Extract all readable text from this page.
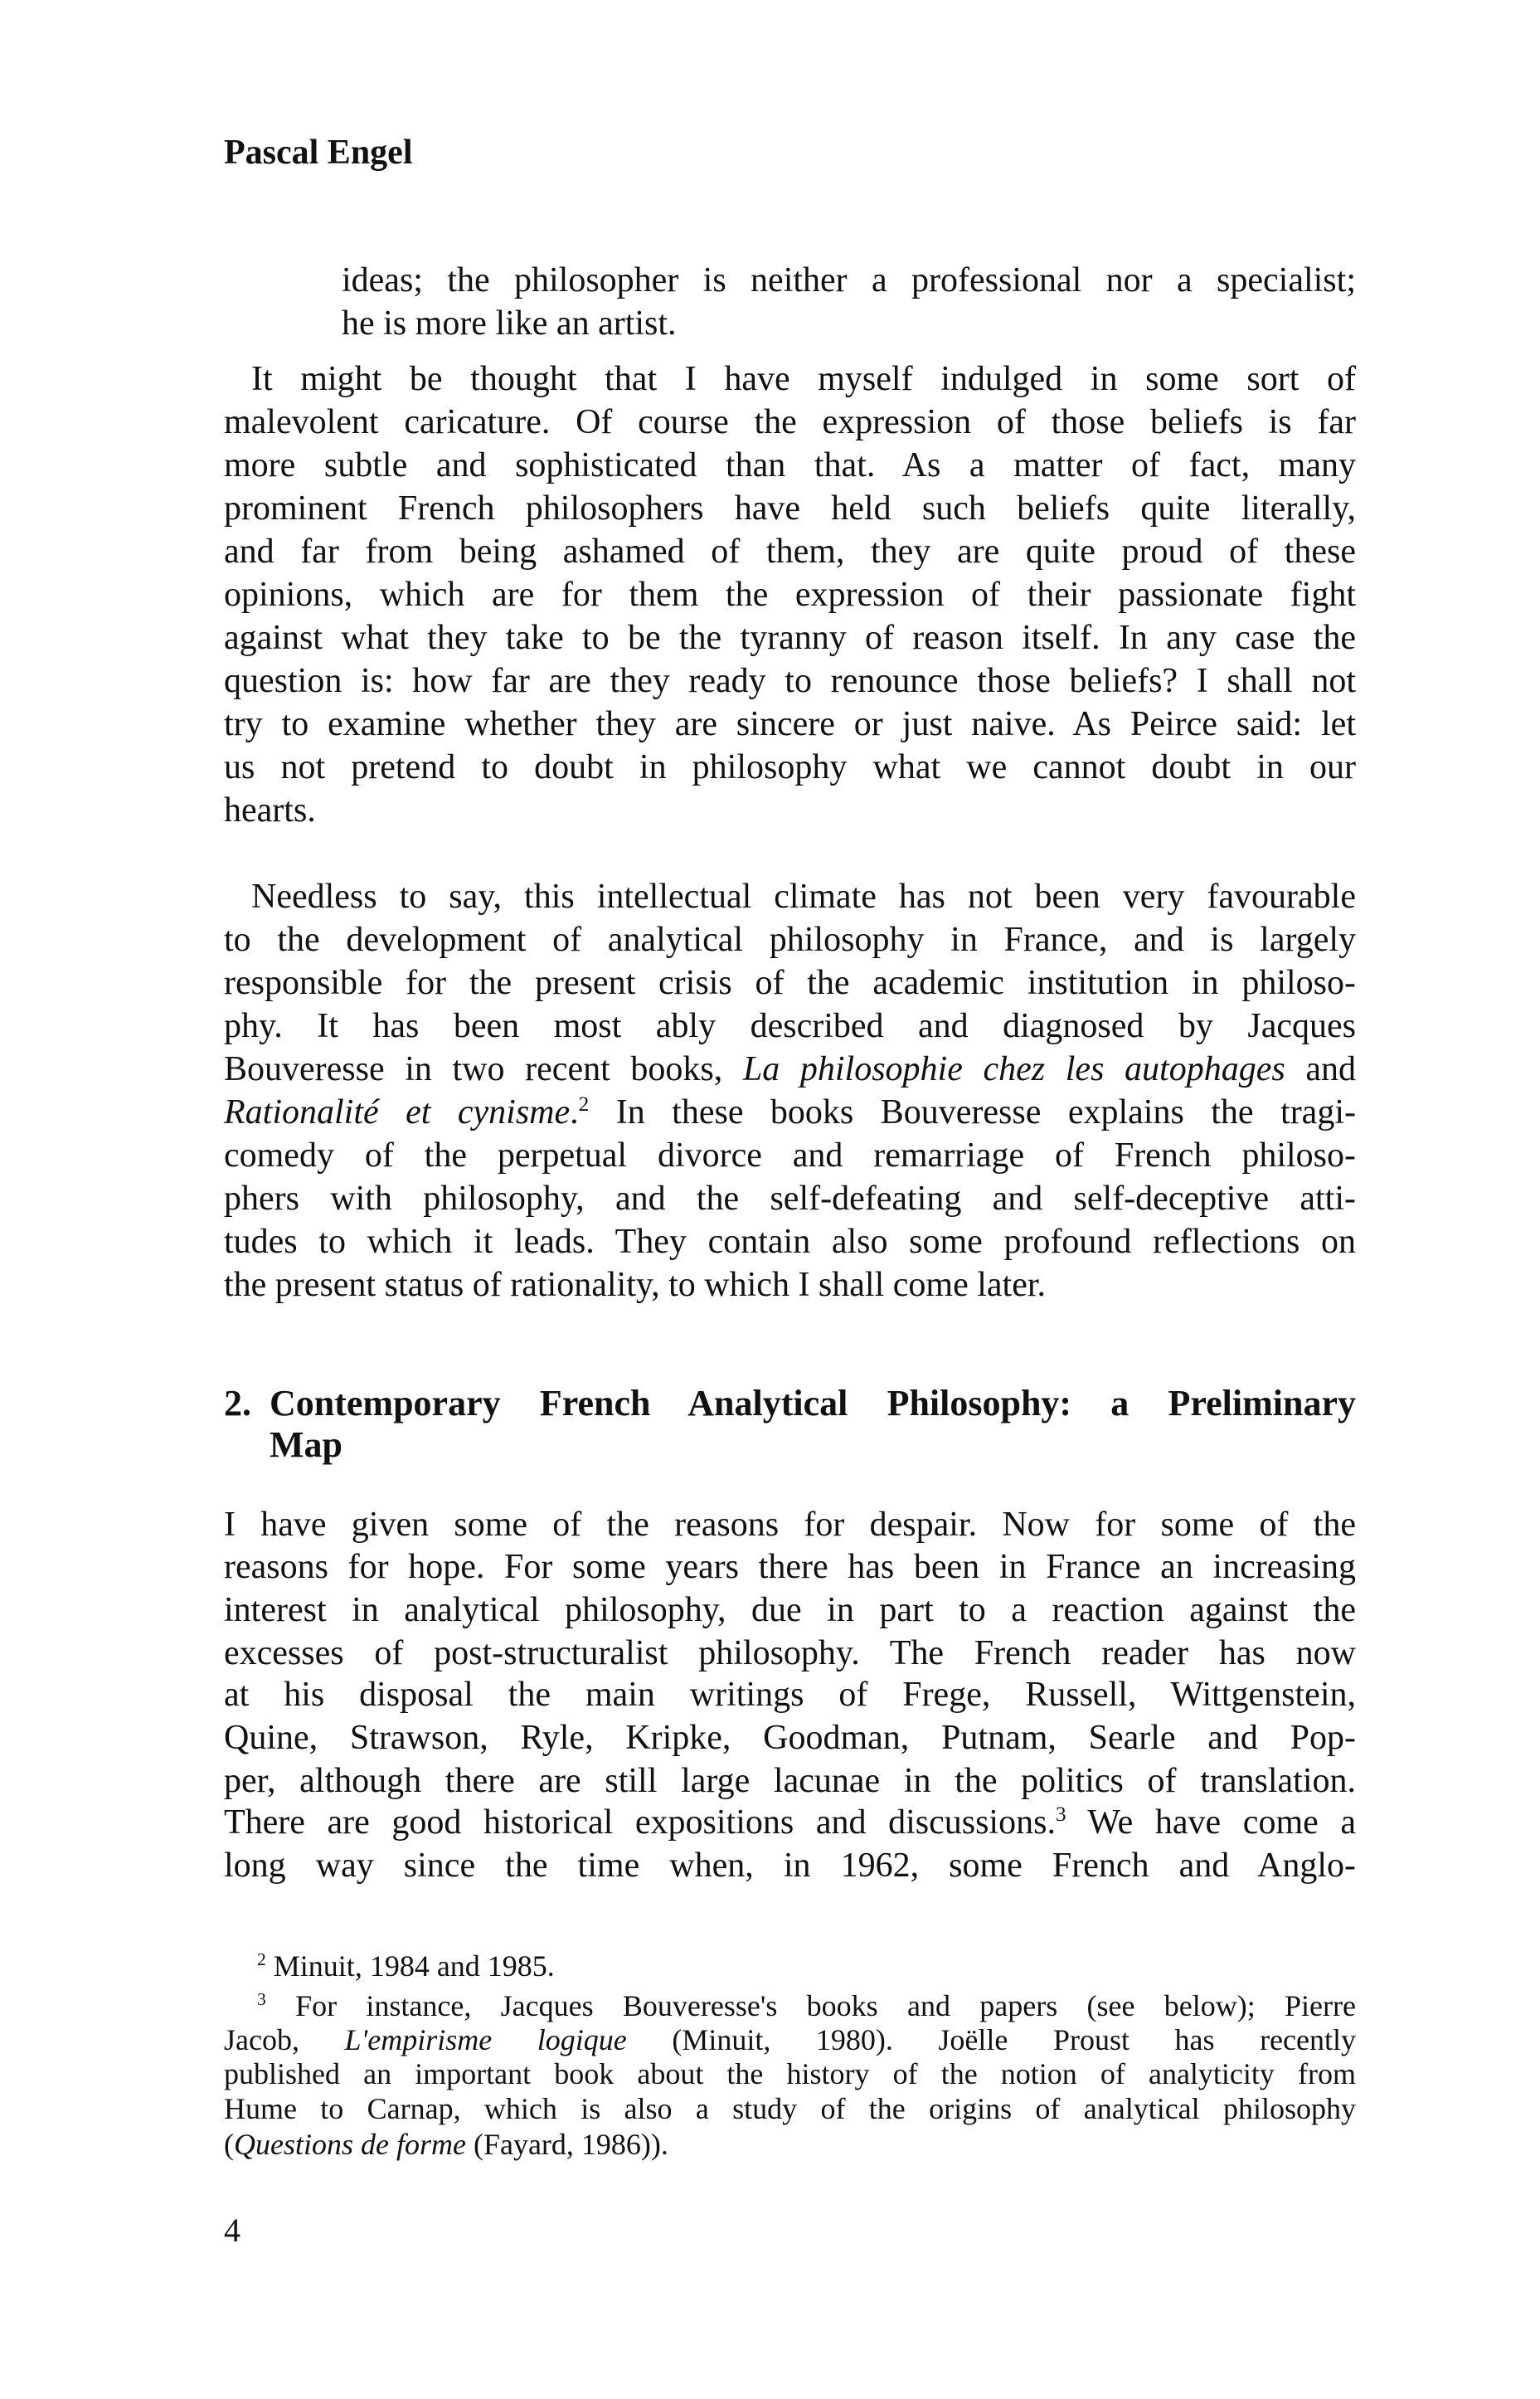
Pascal Engel
ideas; the philosopher is neither a professional nor a specialist;
he is more like an artist.
It might be thought that I have myself indulged in some sort of
malevolent caricature. Of course the expression of those beliefs is far
more subtle and sophisticated than that. As a matter of fact, many
prominent French philosophers have held such beliefs quite literally,
and far from being ashamed of them, they are quite proud of these
opinions, which are for them the expression of their passionate fight
against what they take to be the tyranny of reason itself. In any case the
question is: how far are they ready to renounce those beliefs? I shall not
try to examine whether they are sincere or just naive. As Peirce said: let
us not pretend to doubt in philosophy what we cannot doubt in our
hearts.
Needless to say, this intellectual climate has not been very favourable
to the development of analytical philosophy in France, and is largely
responsible for the present crisis of the academic institution in philoso-
phy. It has been most ably described and diagnosed by Jacques
Bouveresse in two recent books, La philosophie chez les autophages and
Rationalité et cynisme.$^2$ In these books Bouveresse explains the tragi-
comedy of the perpetual divorce and remarriage of French philoso-
phers with philosophy, and the self-defeating and self-deceptive atti-
tudes to which it leads. They contain also some profound reflections on
the present status of rationality, to which I shall come later.
2. Contemporary French Analytical Philosophy: a Preliminary
Map
I have given some of the reasons for despair. Now for some of the
reasons for hope. For some years there has been in France an increasing
interest in analytical philosophy, due in part to a reaction against the
excesses of post-structuralist philosophy. The French reader has now
at his disposal the main writings of Frege, Russell, Wittgenstein,
Quine, Strawson, Ryle, Kripke, Goodman, Putnam, Searle and Pop-
per, although there are still large lacunae in the politics of translation.
There are good historical expositions and discussions.$^3$ We have come a
long way since the time when, in 1962, some French and Anglo-
$^2$ Minuit, 1984 and 1985.
$^3$ For instance, Jacques Bouveresse's books and papers (see below); Pierre
Jacob, L'empirisme logique (Minuit, 1980). Joëlle Proust has recently
published an important book about the history of the notion of analyticity from
Hume to Carnap, which is also a study of the origins of analytical philosophy
(Questions de forme (Fayard, 1986)).
4
